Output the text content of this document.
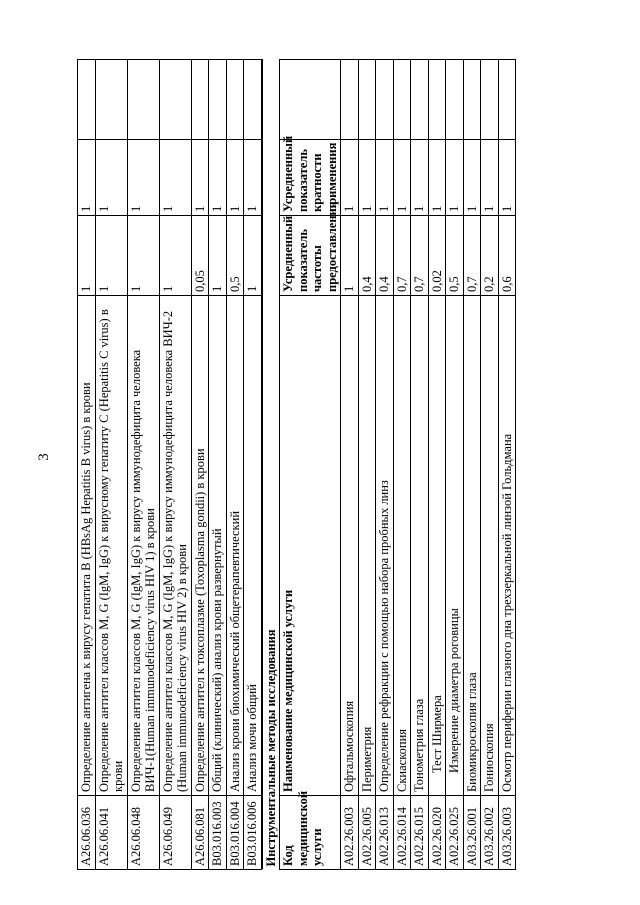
3
A26.06.036	Определение антигена к вирусу гепатита B (HBsAg Hepatitis B virus) в крови	1	1	
A26.06.041	Определение антител классов M, G (IgM, IgG) к вирусному гепатиту C (Hepatitis C virus) в крови	1	1	
A26.06.048	Определение антител классов M, G (IgM, IgG) к вирусу иммунодефицита человека ВИЧ-1(Human immunodeficiency virus HIV 1) в крови	1	1	
A26.06.049	Определение антител классов M, G (IgM, IgG) к вирусу иммунодефицита человека ВИЧ-2 (Human immunodeficiency virus HIV 2) в крови	1	1	
A26.06.081	Определение антител к токсоплазме (Toxoplasma gondii) в крови	0,05	1	
B03.016.003	Общий (клинический) анализ крови развернутый	1	1	
B03.016.004	Анализ крови биохимический общетерапевтический	0,5	1	
B03.016.006	Анализ мочи общий	1	1	
Инструментальные методы исследования				
Код медицинской услуги	Наименование медицинской услуги	Усредненный показатель частоты предоставления	Усредненный показатель кратности применения	
A02.26.003	Офтальмоскопия	1	1	
A02.26.005	Периметрия	0,4	1	
A02.26.013	Определение рефракции с помощью набора пробных линз	0,4	1	
A02.26.014	Скиаскопия	0,7	1	
A02.26.015	Тонометрия глаза	0,7	1	
A02.26.020	Тест Ширмера	0,02	1	
A02.26.025	Измерение диаметра роговицы	0,5	1	
A03.26.001	Биомикроскопия глаза	0,7	1	
A03.26.002	Гониоскопия	0,2	1	
A03.26.003	Осмотр периферии глазного дна трехзеркальной линзой Гольдмана	0,6	1	
